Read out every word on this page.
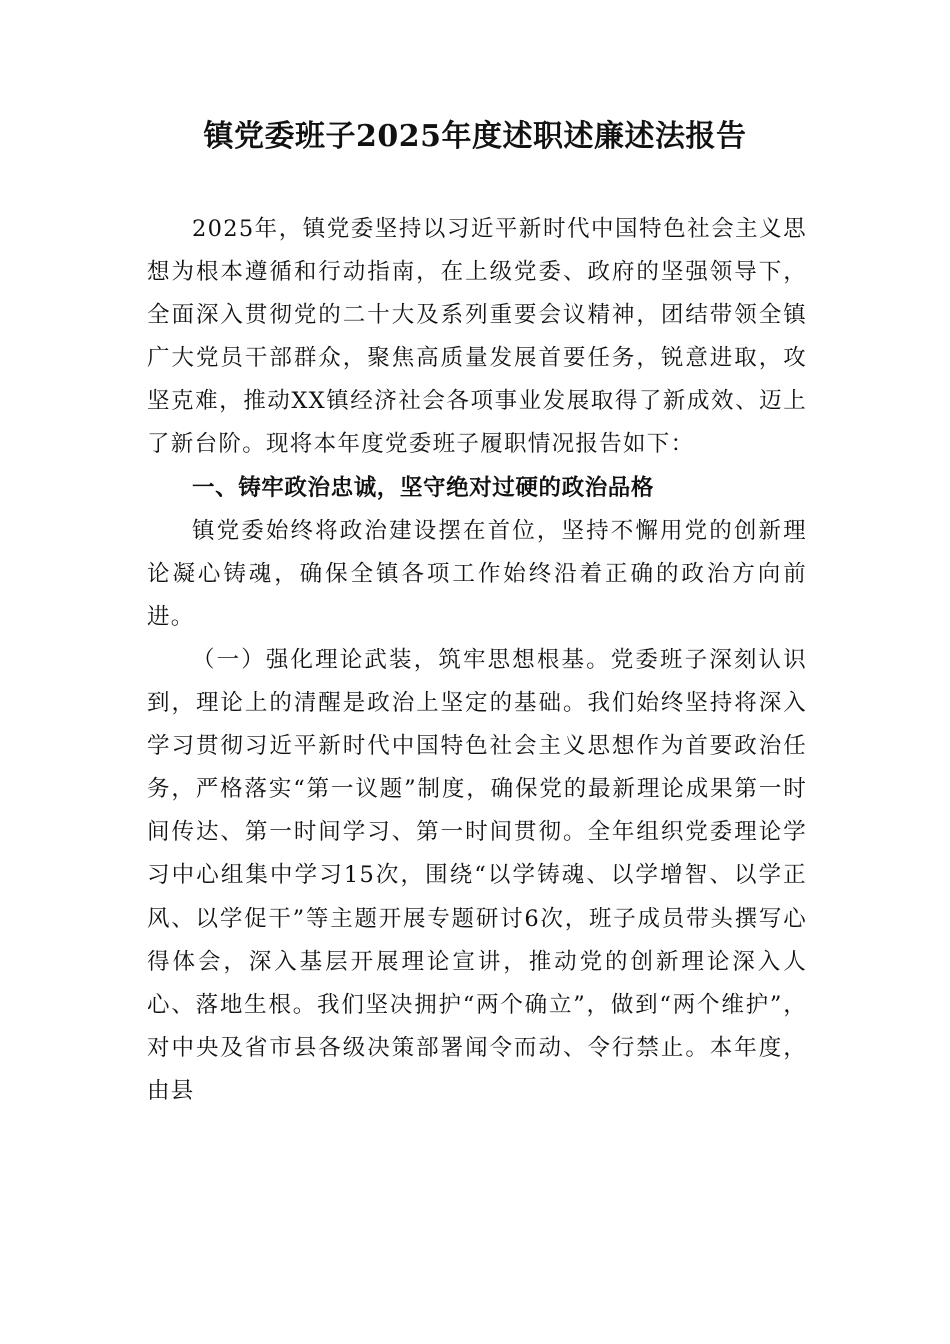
镇党委班子2025年度述职述廉述法报告

2025年，镇党委坚持以习近平新时代中国特色社会主义思想为根本遵循和行动指南，在上级党委、政府的坚强领导下，全面深入贯彻党的二十大及系列重要会议精神，团结带领全镇广大党员干部群众，聚焦高质量发展首要任务，锐意进取，攻坚克难，推动XX镇经济社会各项事业发展取得了新成效、迈上了新台阶。现将本年度党委班子履职情况报告如下：

一、铸牢政治忠诚，坚守绝对过硬的政治品格

镇党委始终将政治建设摆在首位，坚持不懈用党的创新理论凝心铸魂，确保全镇各项工作始终沿着正确的政治方向前进。

（一）强化理论武装，筑牢思想根基。党委班子深刻认识到，理论上的清醒是政治上坚定的基础。我们始终坚持将深入学习贯彻习近平新时代中国特色社会主义思想作为首要政治任务，严格落实“第一议题”制度，确保党的最新理论成果第一时间传达、第一时间学习、第一时间贯彻。全年组织党委理论学习中心组集中学习15次，围绕“以学铸魂、以学增智、以学正风、以学促干”等主题开展专题研讨6次，班子成员带头撰写心得体会，深入基层开展理论宣讲，推动党的创新理论深入人心、落地生根。我们坚决拥护“两个确立”，做到“两个维护”，对中央及省市县各级决策部署闻令而动、令行禁止。本年度，由县
